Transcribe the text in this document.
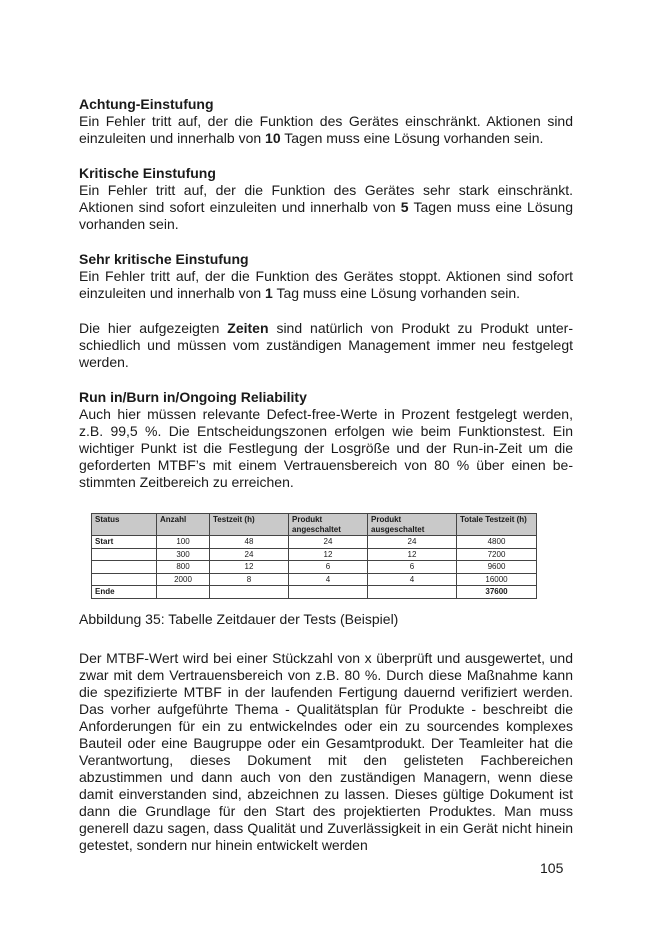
Achtung-Einstufung
Ein Fehler tritt auf, der die Funktion des Gerätes einschränkt. Aktionen sind einzuleiten und innerhalb von 10 Tagen muss eine Lösung vorhanden sein.
Kritische Einstufung
Ein Fehler tritt auf, der die Funktion des Gerätes sehr stark einschränkt. Aktionen sind sofort einzuleiten und innerhalb von 5 Tagen muss eine Lösung vorhanden sein.
Sehr kritische Einstufung
Ein Fehler tritt auf, der die Funktion des Gerätes stoppt. Aktionen sind sofort einzuleiten und innerhalb von 1 Tag muss eine Lösung vorhanden sein.
Die hier aufgezeigten Zeiten sind natürlich von Produkt zu Produkt unterschiedlich und müssen vom zuständigen Management immer neu festgelegt werden.
Run in/Burn in/Ongoing Reliability
Auch hier müssen relevante Defect-free-Werte in Prozent festgelegt werden, z.B. 99,5 %. Die Entscheidungszonen erfolgen wie beim Funktionstest. Ein wichtiger Punkt ist die Festlegung der Losgröße und der Run-in-Zeit um die geforderten MTBF’s mit einem Vertrauensbereich von 80 % über einen bestimmten Zeitbereich zu erreichen.
Status	Anzahl	Testzeit (h)	Produkt angeschaltet	Produkt ausgeschaltet	Totale Testzeit (h)
Start	100	48	24	24	4800
	300	24	12	12	7200
	800	12	6	6	9600
	2000	8	4	4	16000
Ende					37600
Abbildung 35: Tabelle Zeitdauer der Tests (Beispiel)
Der MTBF-Wert wird bei einer Stückzahl von x überprüft und ausgewertet, und zwar mit dem Vertrauensbereich von z.B. 80 %. Durch diese Maßnahme kann die spezifizierte MTBF in der laufenden Fertigung dauernd verifiziert werden. Das vorher aufgeführte Thema - Qualitätsplan für Produkte - beschreibt die Anforderungen für ein zu entwickelndes oder ein zu sourcendes komplexes Bauteil oder eine Baugruppe oder ein Gesamtprodukt. Der Teamleiter hat die Verantwortung, dieses Dokument mit den gelisteten Fachbereichen abzustimmen und dann auch von den zuständigen Managern, wenn diese damit einverstanden sind, abzeichnen zu lassen. Dieses gültige Dokument ist dann die Grundlage für den Start des projektierten Produktes. Man muss generell dazu sagen, dass Qualität und Zuverlässigkeit in ein Gerät nicht hinein getestet, sondern nur hinein entwickelt werden
105
